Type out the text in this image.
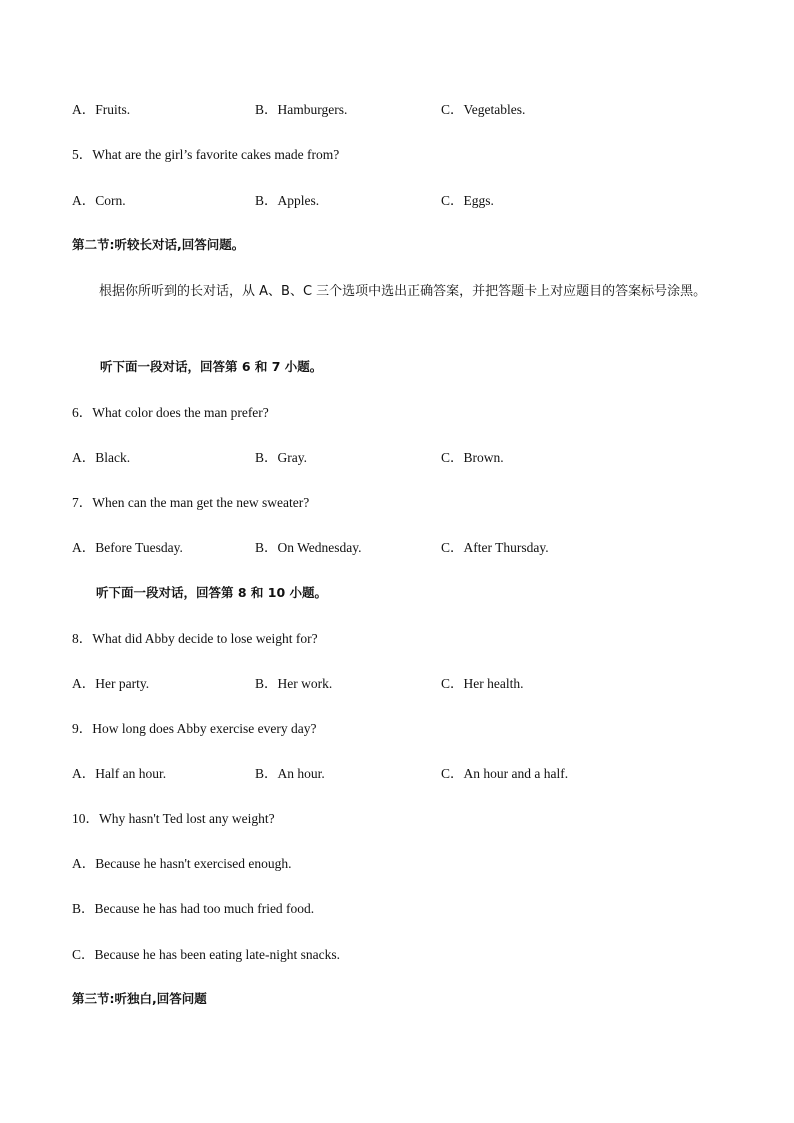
A．Fruits.	B．Hamburgers.	C．Vegetables.
5．What are the girl’s favorite cakes made from?
A．Corn.	B．Apples.	C．Eggs.
第二节:听较长对话,回答问题。
根据你所听到的长对话，从 A、B、C 三个选项中选出正确答案，并把答题卡上对应题目的答案标号涂黑。
听下面一段对话，回答第 6 和 7 小题。
6．What color does the man prefer?
A．Black.	B．Gray.	C．Brown.
7．When can the man get the new sweater?
A．Before Tuesday.	B．On Wednesday.	C．After Thursday.
听下面一段对话，回答第 8 和 10 小题。
8．What did Abby decide to lose weight for?
A．Her party.	B．Her work.	C．Her health.
9．How long does Abby exercise every day?
A．Half an hour.	B．An hour.	C．An hour and a half.
10．Why hasn't Ted lost any weight?
A．Because he hasn't exercised enough.
B．Because he has had too much fried food.
C．Because he has been eating late-night snacks.
第三节:听独白,回答问题
